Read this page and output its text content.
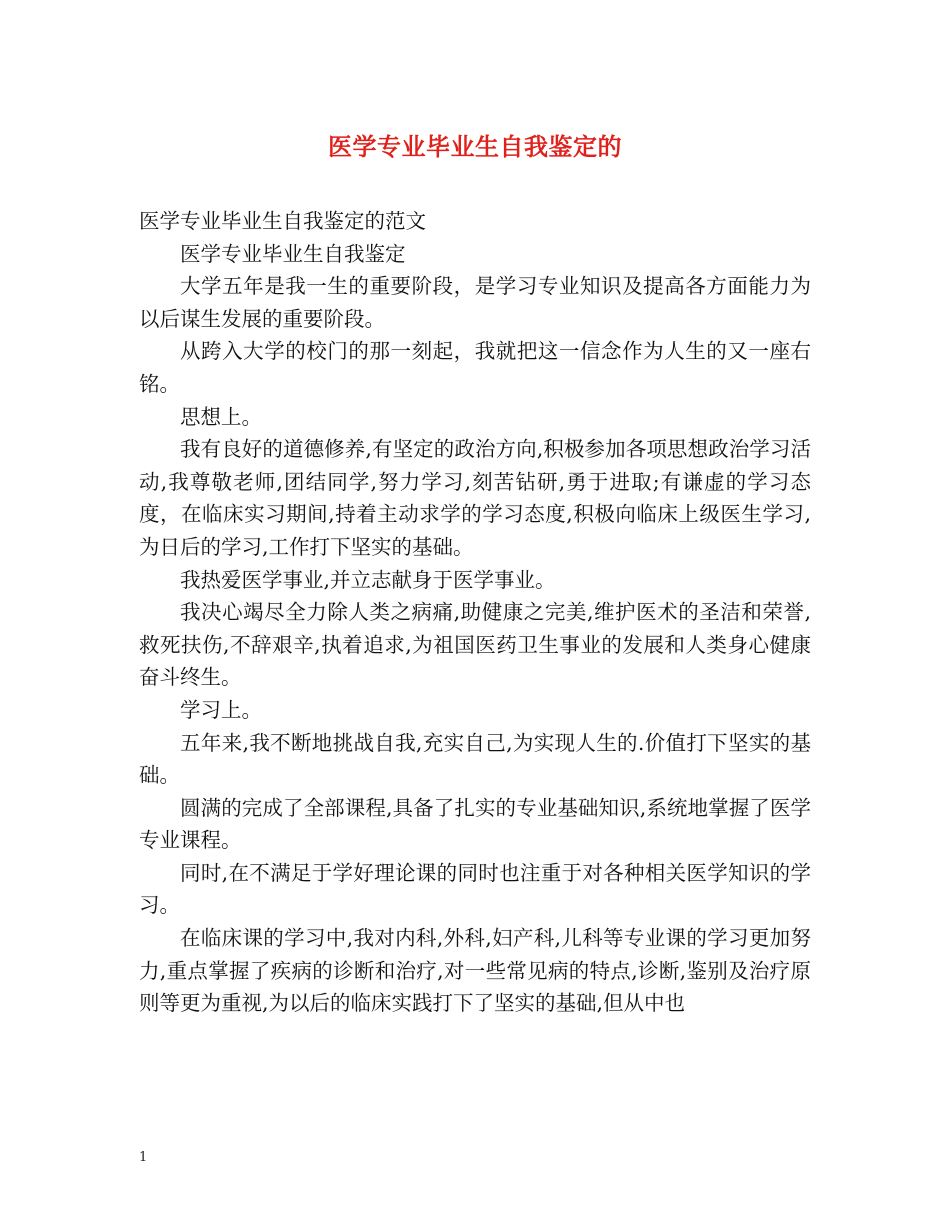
医学专业毕业生自我鉴定的

医学专业毕业生自我鉴定的范文

医学专业毕业生自我鉴定

大学五年是我一生的重要阶段，是学习专业知识及提高各方面能力为以后谋生发展的重要阶段。

从跨入大学的校门的那一刻起，我就把这一信念作为人生的又一座右铭。

思想上。

我有良好的道德修养,有坚定的政治方向,积极参加各项思想政治学习活动,我尊敬老师,团结同学,努力学习,刻苦钻研,勇于进取;有谦虚的学习态度，在临床实习期间,持着主动求学的学习态度,积极向临床上级医生学习,为日后的学习,工作打下坚实的基础。

我热爱医学事业,并立志献身于医学事业。

我决心竭尽全力除人类之病痛,助健康之完美,维护医术的圣洁和荣誉,救死扶伤,不辞艰辛,执着追求,为祖国医药卫生事业的发展和人类身心健康奋斗终生。

学习上。

五年来,我不断地挑战自我,充实自己,为实现人生的.价值打下坚实的基础。

圆满的完成了全部课程,具备了扎实的专业基础知识,系统地掌握了医学专业课程。

同时,在不满足于学好理论课的同时也注重于对各种相关医学知识的学习。

在临床课的学习中,我对内科,外科,妇产科,儿科等专业课的学习更加努力,重点掌握了疾病的诊断和治疗,对一些常见病的特点,诊断,鉴别及治疗原则等更为重视,为以后的临床实践打下了坚实的基础,但从中也

1
